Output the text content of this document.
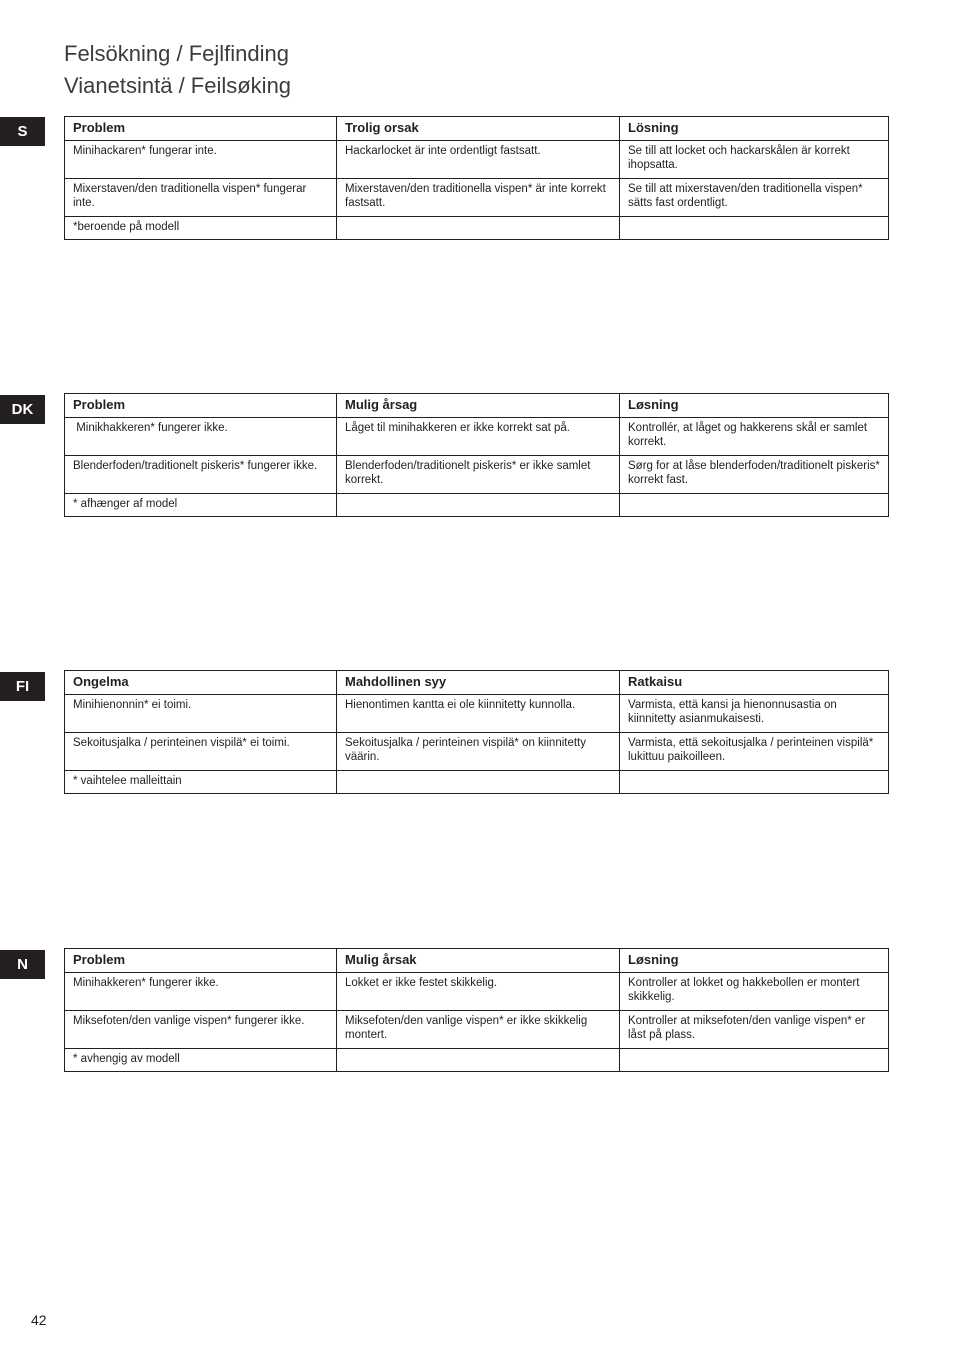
Felsökning / Fejlfinding
Vianetsintä / Feilsøking
S	Problem	Trolig orsak	Lösning
Minihackaren* fungerar inte.	Hackarlocket är inte ordentligt fastsatt.	Se till att locket och hackarskålen är korrekt ihopsatta.
Mixerstaven/den traditionella vispen* fungerar inte.	Mixerstaven/den traditionella vispen* är inte korrekt fastsatt.	Se till att mixerstaven/den traditionella vispen* sätts fast ordentligt.
*beroende på modell		
DK	Problem	Mulig årsag	Løsning
Minikhakkeren* fungerer ikke.	Låget til minihakkeren er ikke korrekt sat på.	Kontrollér, at låget og hakkerens skål er samlet korrekt.
Blenderfoden/traditionelt piskeris* fungerer ikke.	Blenderfoden/traditionelt piskeris* er ikke samlet korrekt.	Sørg for at låse blenderfoden/traditionelt piskeris* korrekt fast.
* afhænger af model		
FI	Ongelma	Mahdollinen syy	Ratkaisu
Minihienonnin* ei toimi.	Hienontimen kantta ei ole kiinnitetty kunnolla.	Varmista, että kansi ja hienonnusastia on kiinnitetty asianmukaisesti.
Sekoitusjalka / perinteinen vispilä* ei toimi.	Sekoitusjalka / perinteinen vispilä* on kiinnitetty väärin.	Varmista, että sekoitusjalka / perinteinen vispilä* lukittuu paikoilleen.
* vaihtelee malleittain		
N	Problem	Mulig årsak	Løsning
Minihakkeren* fungerer ikke.	Lokket er ikke festet skikkelig.	Kontroller at lokket og hakkebollen er montert skikkelig.
Miksefoten/den vanlige vispen* fungerer ikke.	Miksefoten/den vanlige vispen* er ikke skikkelig montert.	Kontroller at miksefoten/den vanlige vispen* er låst på plass.
* avhengig av modell		
42
